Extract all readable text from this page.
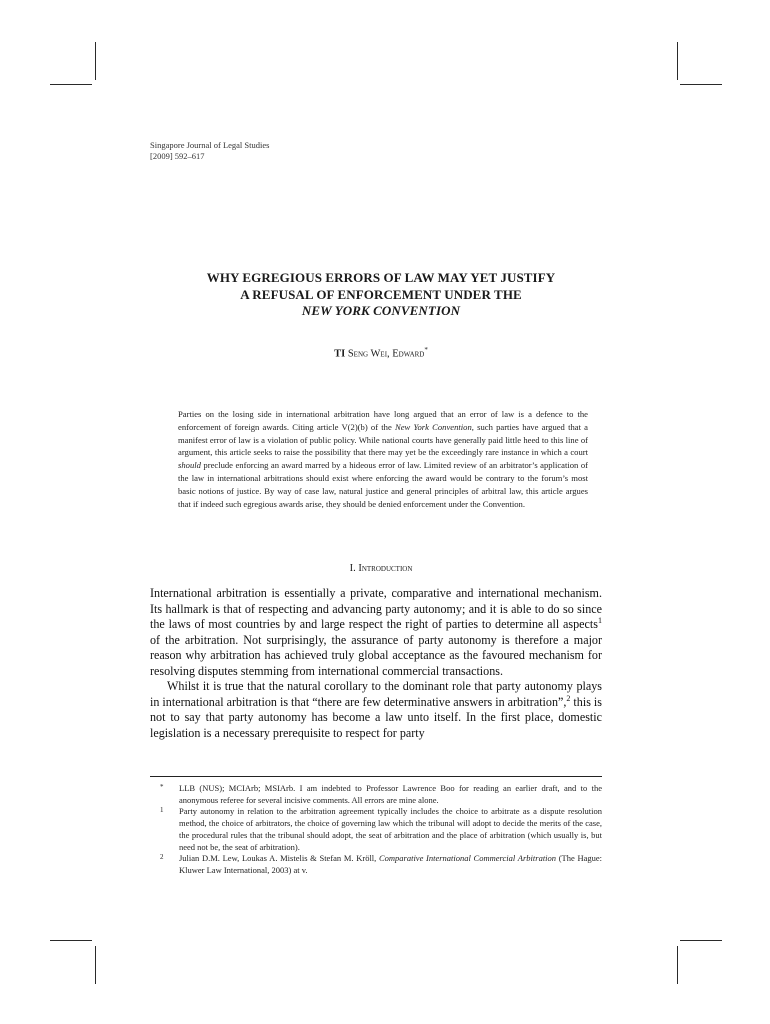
Singapore Journal of Legal Studies
[2009] 592–617
WHY EGREGIOUS ERRORS OF LAW MAY YET JUSTIFY
A REFUSAL OF ENFORCEMENT UNDER THE
NEW YORK CONVENTION
TI Seng Wei, Edward*

Parties on the losing side in international arbitration have long argued that an error of law is a defence to the enforcement of foreign awards. Citing article V(2)(b) of the New York Convention, such parties have argued that a manifest error of law is a violation of public policy. While national courts have generally paid little heed to this line of argument, this article seeks to raise the possibility that there may yet be the exceedingly rare instance in which a court should preclude enforcing an award marred by a hideous error of law. Limited review of an arbitrator’s application of the law in international arbitrations should exist where enforcing the award would be contrary to the forum’s most basic notions of justice. By way of case law, natural justice and general principles of arbitral law, this article argues that if indeed such egregious awards arise, they should be denied enforcement under the Convention.

I. Introduction

International arbitration is essentially a private, comparative and international mechanism. Its hallmark is that of respecting and advancing party autonomy; and it is able to do so since the laws of most countries by and large respect the right of parties to determine all aspects$^1$ of the arbitration. Not surprisingly, the assurance of party autonomy is therefore a major reason why arbitration has achieved truly global acceptance as the favoured mechanism for resolving disputes stemming from international commercial transactions.

Whilst it is true that the natural corollary to the dominant role that party autonomy plays in international arbitration is that “there are few determinative answers in arbitration”,$^2$ this is not to say that party autonomy has become a law unto itself. In the first place, domestic legislation is a necessary prerequisite to respect for party

* LLB (NUS); MCIArb; MSIArb. I am indebted to Professor Lawrence Boo for reading an earlier draft, and to the anonymous referee for several incisive comments. All errors are mine alone.

1 Party autonomy in relation to the arbitration agreement typically includes the choice to arbitrate as a dispute resolution method, the choice of arbitrators, the choice of governing law which the tribunal will adopt to decide the merits of the case, the procedural rules that the tribunal should adopt, the seat of arbitration and the place of arbitration (which usually is, but need not be, the seat of arbitration).

2 Julian D.M. Lew, Loukas A. Mistelis & Stefan M. Kröll, Comparative International Commercial Arbitration (The Hague: Kluwer Law International, 2003) at v.
